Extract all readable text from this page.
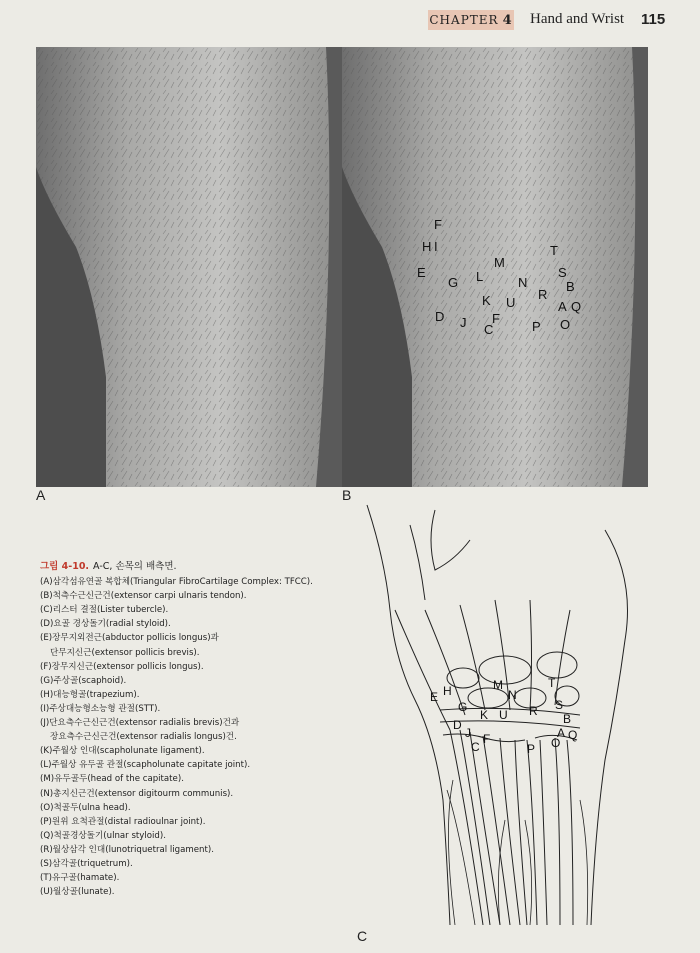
CHAPTER 4 Hand and Wrist 115
A
F
H I
E
G L
M
T
N
S
B
K U
R
A Q
D J F
C	P O
B
그림 4-10. A-C, 손목의 배측면.
(A)삼각섬유연골 복합체(Triangular FibroCartilage Complex: TFCC).
(B)척측수근신근건(extensor carpi ulnaris tendon).
(C)리스터 결절(Lister tubercle).
(D)요골 경상돌기(radial styloid).
(E)장무지외전근(abductor pollicis longus)과
단무지신근(extensor pollicis brevis).
(F)장무지신근(extensor pollicis longus).
(G)주상골(scaphoid).
(H)대능형골(trapezium).
(I)주상대능형소능형 관절(STT).
(J)단요측수근신근건(extensor radialis brevis)건과
장요측수근신근건(extensor radialis longus)건.
(K)주월상 인대(scapholunate ligament).
(L)주월상 유두골 관절(scapholunate capitate joint).
(M)유두골두(head of the capitate).
(N)총지신근건(extensor digitourm communis).
(O)척골두(ulna head).
(P)원위 요척관절(distal radioulnar joint).
(Q)척골경상돌기(ulnar styloid).
(R)월상삼각 인대(lunotriquetral ligament).
(S)삼각골(triquetrum).
(T)유구골(hamate).
(U)월상골(lunate).
E H
G
M
N
T
S
B
D
J
C
F
K U R
P O
A Q
C
